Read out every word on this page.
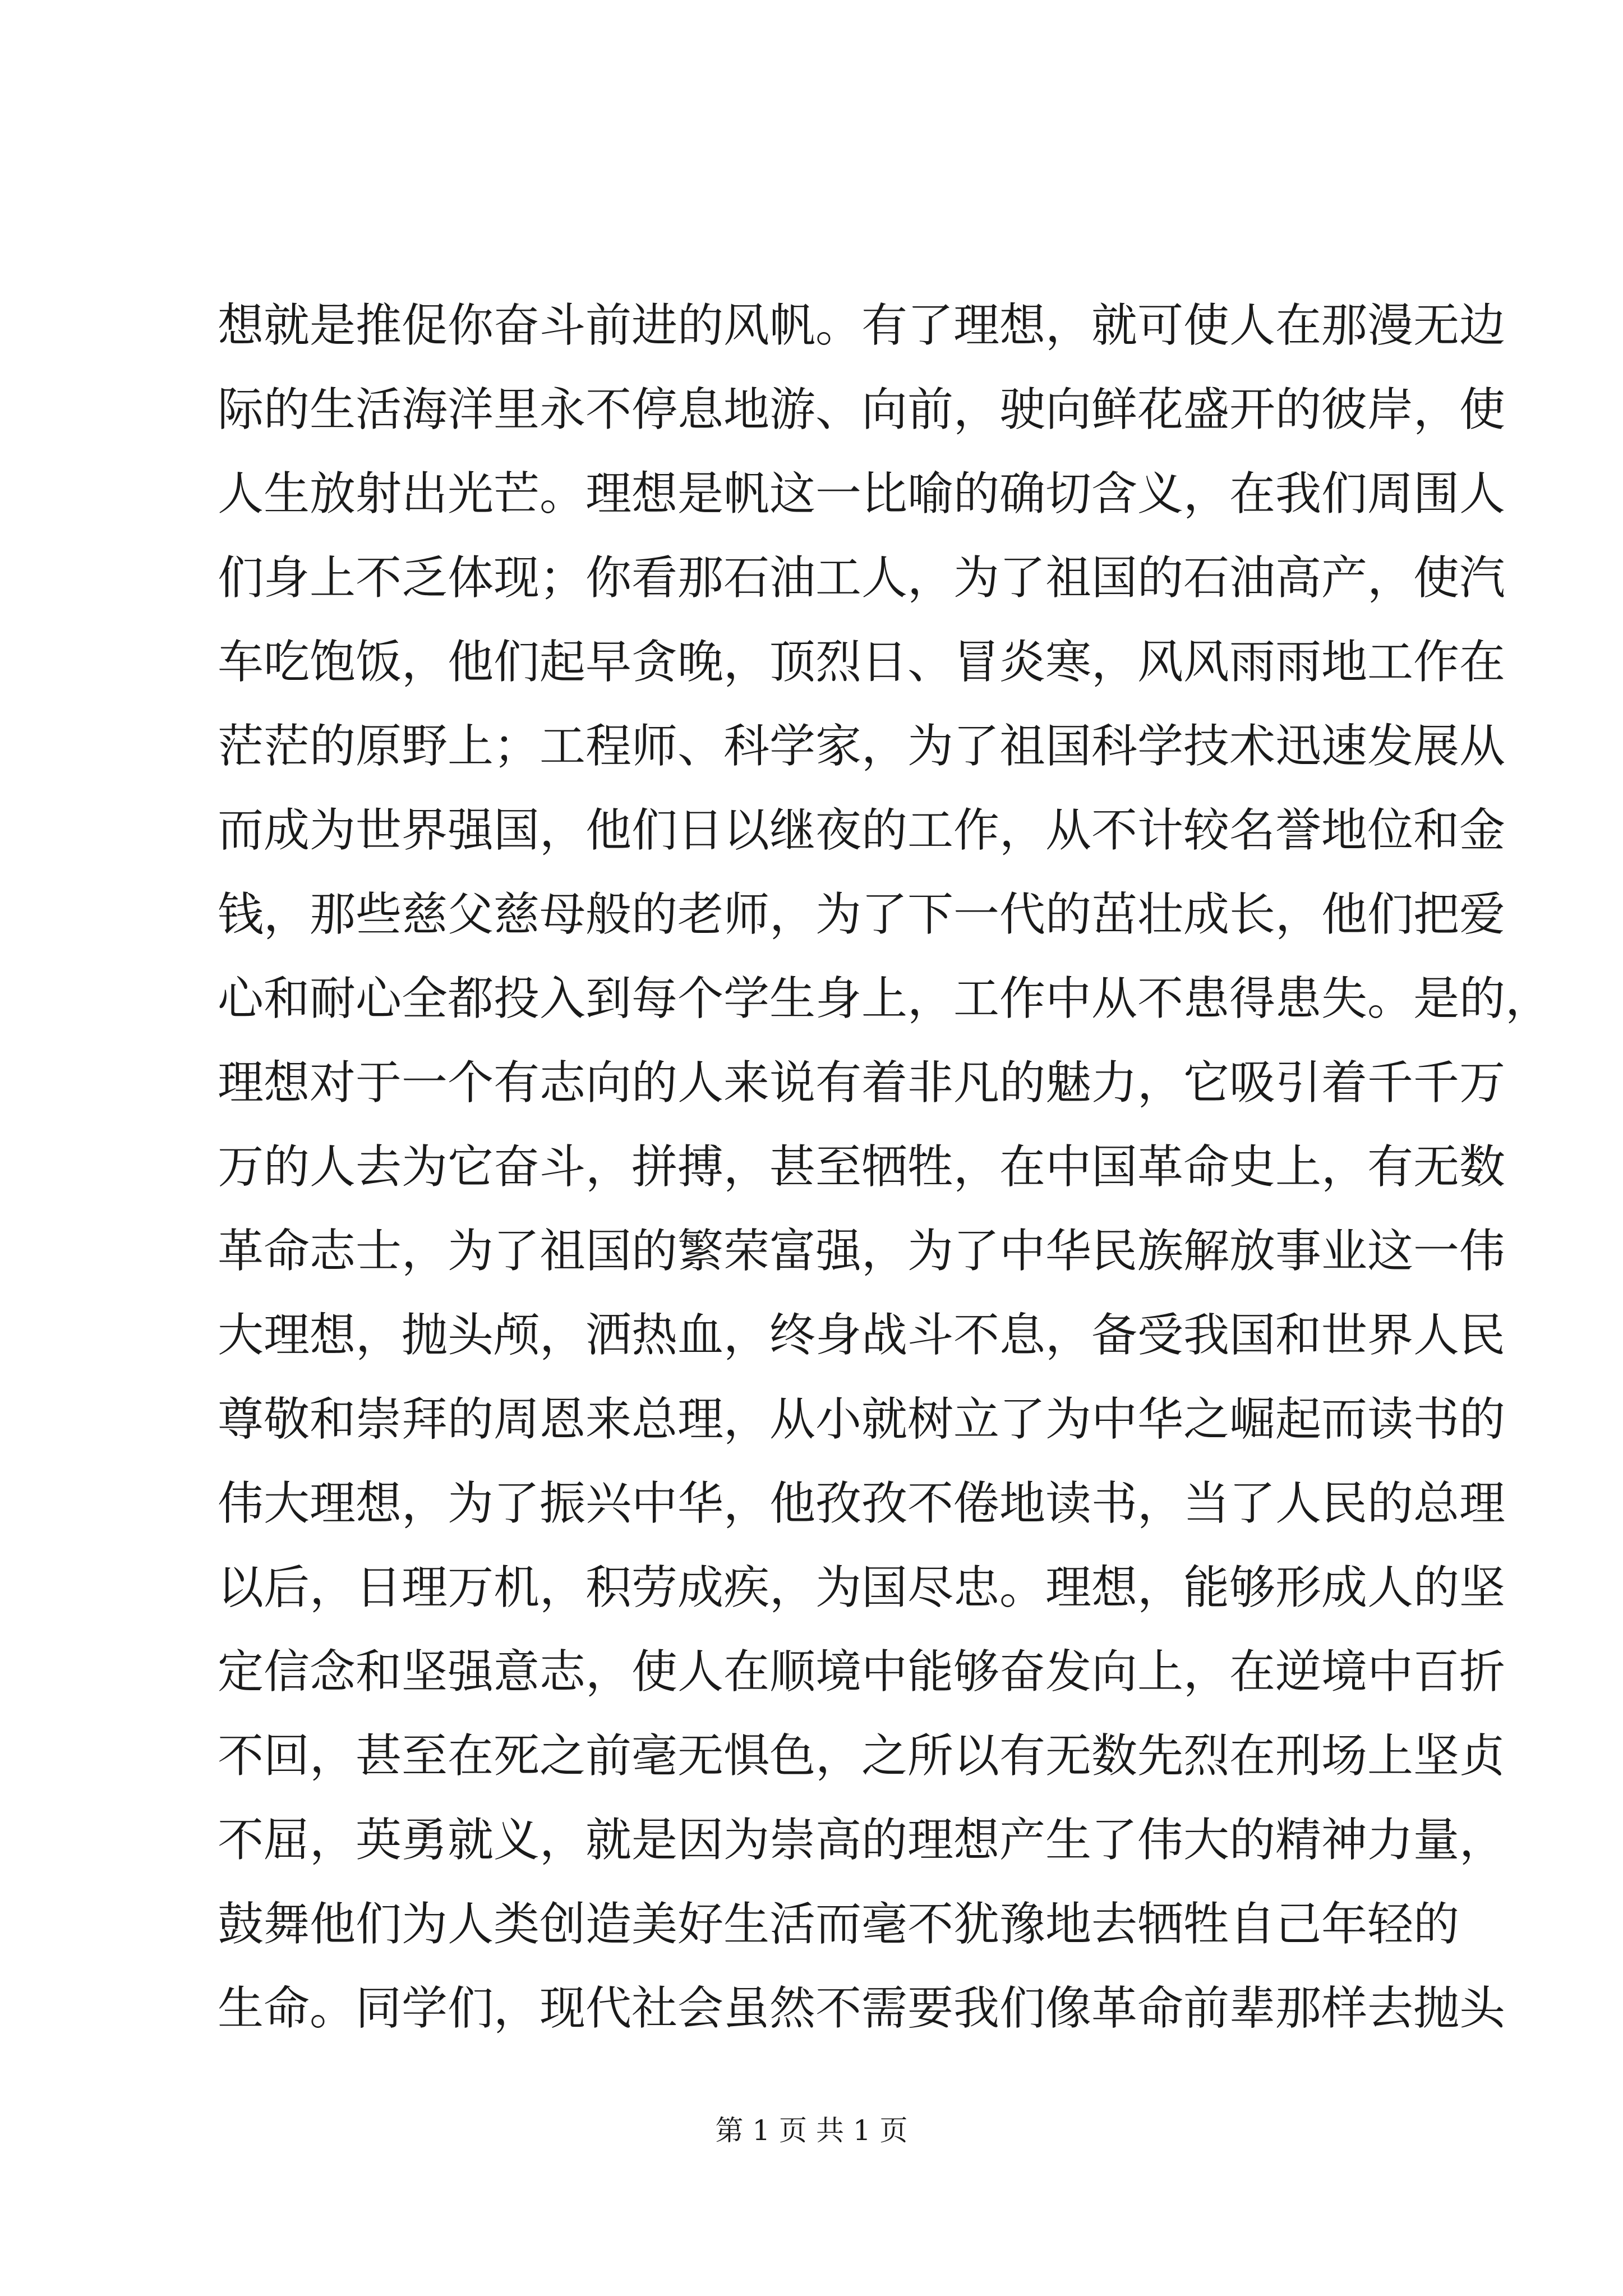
想就是推促你奋斗前进的风帆。有了理想，就可使人在那漫无边
际的生活海洋里永不停息地游、向前，驶向鲜花盛开的彼岸，使
人生放射出光芒。理想是帆这一比喻的确切含义，在我们周围人
们身上不乏体现；你看那石油工人，为了祖国的石油高产，使汽
车吃饱饭，他们起早贪晚，顶烈日、冒炎寒，风风雨雨地工作在
茫茫的原野上；工程师、科学家，为了祖国科学技术迅速发展从
而成为世界强国，他们日以继夜的工作，从不计较名誉地位和金
钱，那些慈父慈母般的老师，为了下一代的茁壮成长，他们把爱
心和耐心全都投入到每个学生身上，工作中从不患得患失。是的，
理想对于一个有志向的人来说有着非凡的魅力，它吸引着千千万
万的人去为它奋斗，拼搏，甚至牺牲，在中国革命史上，有无数
革命志士，为了祖国的繁荣富强，为了中华民族解放事业这一伟
大理想，抛头颅，洒热血，终身战斗不息，备受我国和世界人民
尊敬和崇拜的周恩来总理，从小就树立了为中华之崛起而读书的
伟大理想，为了振兴中华，他孜孜不倦地读书，当了人民的总理
以后，日理万机，积劳成疾，为国尽忠。理想，能够形成人的坚
定信念和坚强意志，使人在顺境中能够奋发向上，在逆境中百折
不回，甚至在死之前毫无惧色，之所以有无数先烈在刑场上坚贞
不屈，英勇就义，就是因为崇高的理想产生了伟大的精神力量，
鼓舞他们为人类创造美好生活而毫不犹豫地去牺牲自己年轻的
生命。同学们，现代社会虽然不需要我们像革命前辈那样去抛头
第 1 页 共 1 页
